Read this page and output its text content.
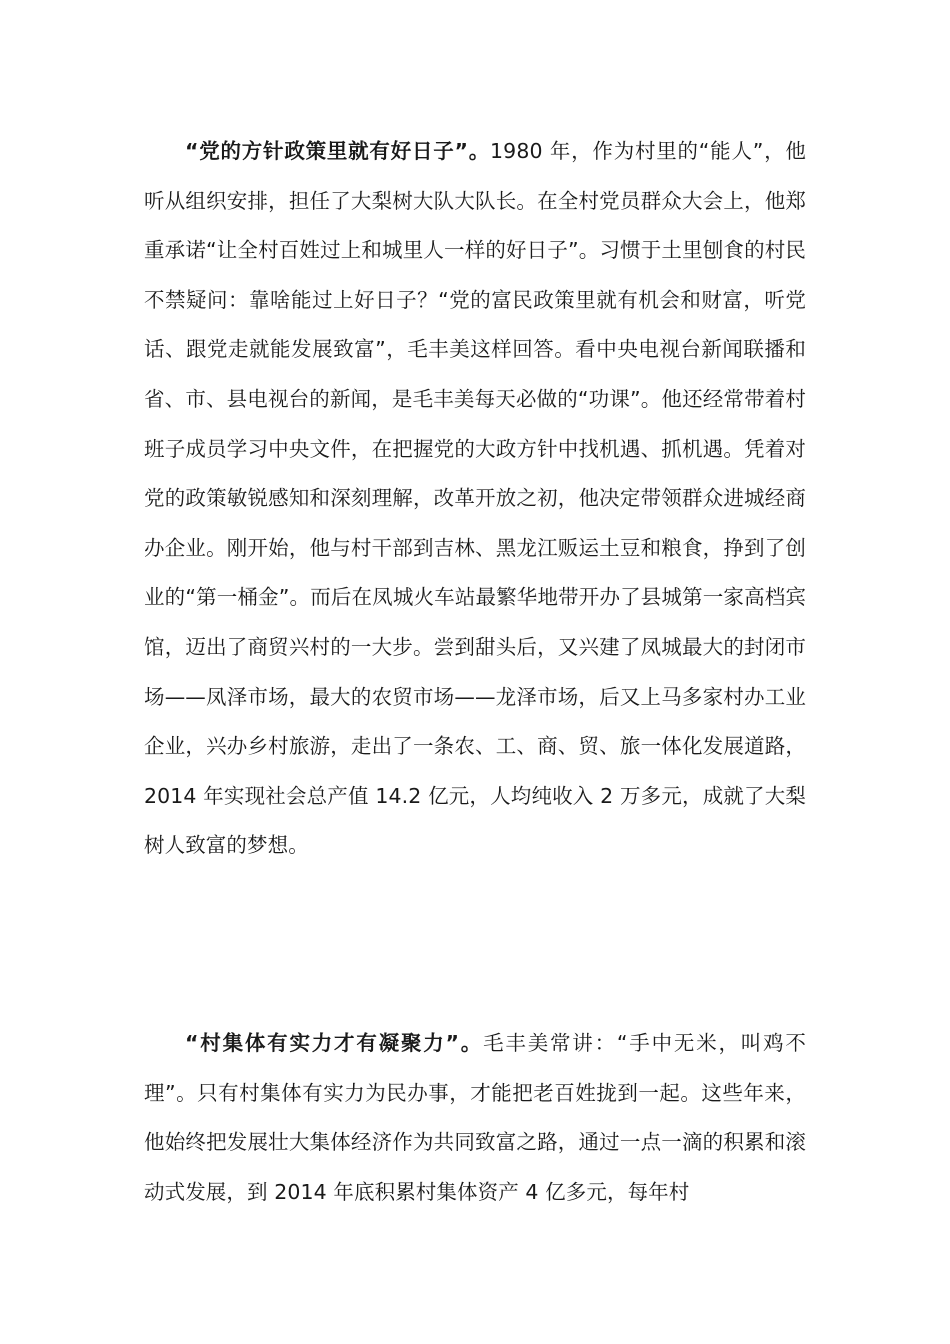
“党的方针政策里就有好日子”。1980 年，作为村里的“能人”，他听从组织安排，担任了大梨树大队大队长。在全村党员群众大会上，他郑重承诺“让全村百姓过上和城里人一样的好日子”。习惯于土里刨食的村民不禁疑问：靠啥能过上好日子？“党的富民政策里就有机会和财富，听党话、跟党走就能发展致富”，毛丰美这样回答。看中央电视台新闻联播和省、市、县电视台的新闻，是毛丰美每天必做的“功课”。他还经常带着村班子成员学习中央文件，在把握党的大政方针中找机遇、抓机遇。凭着对党的政策敏锐感知和深刻理解，改革开放之初，他决定带领群众进城经商办企业。刚开始，他与村干部到吉林、黑龙江贩运土豆和粮食，挣到了创业的“第一桶金”。而后在凤城火车站最繁华地带开办了县城第一家高档宾馆，迈出了商贸兴村的一大步。尝到甜头后，又兴建了凤城最大的封闭市场——凤泽市场，最大的农贸市场——龙泽市场，后又上马多家村办工业企业，兴办乡村旅游，走出了一条农、工、商、贸、旅一体化发展道路，2014 年实现社会总产值 14.2 亿元，人均纯收入 2 万多元，成就了大梨树人致富的梦想。

“村集体有实力才有凝聚力”。毛丰美常讲：“手中无米，叫鸡不理”。只有村集体有实力为民办事，才能把老百姓拢到一起。这些年来，他始终把发展壮大集体经济作为共同致富之路，通过一点一滴的积累和滚动式发展，到 2014 年底积累村集体资产 4 亿多元，每年村
